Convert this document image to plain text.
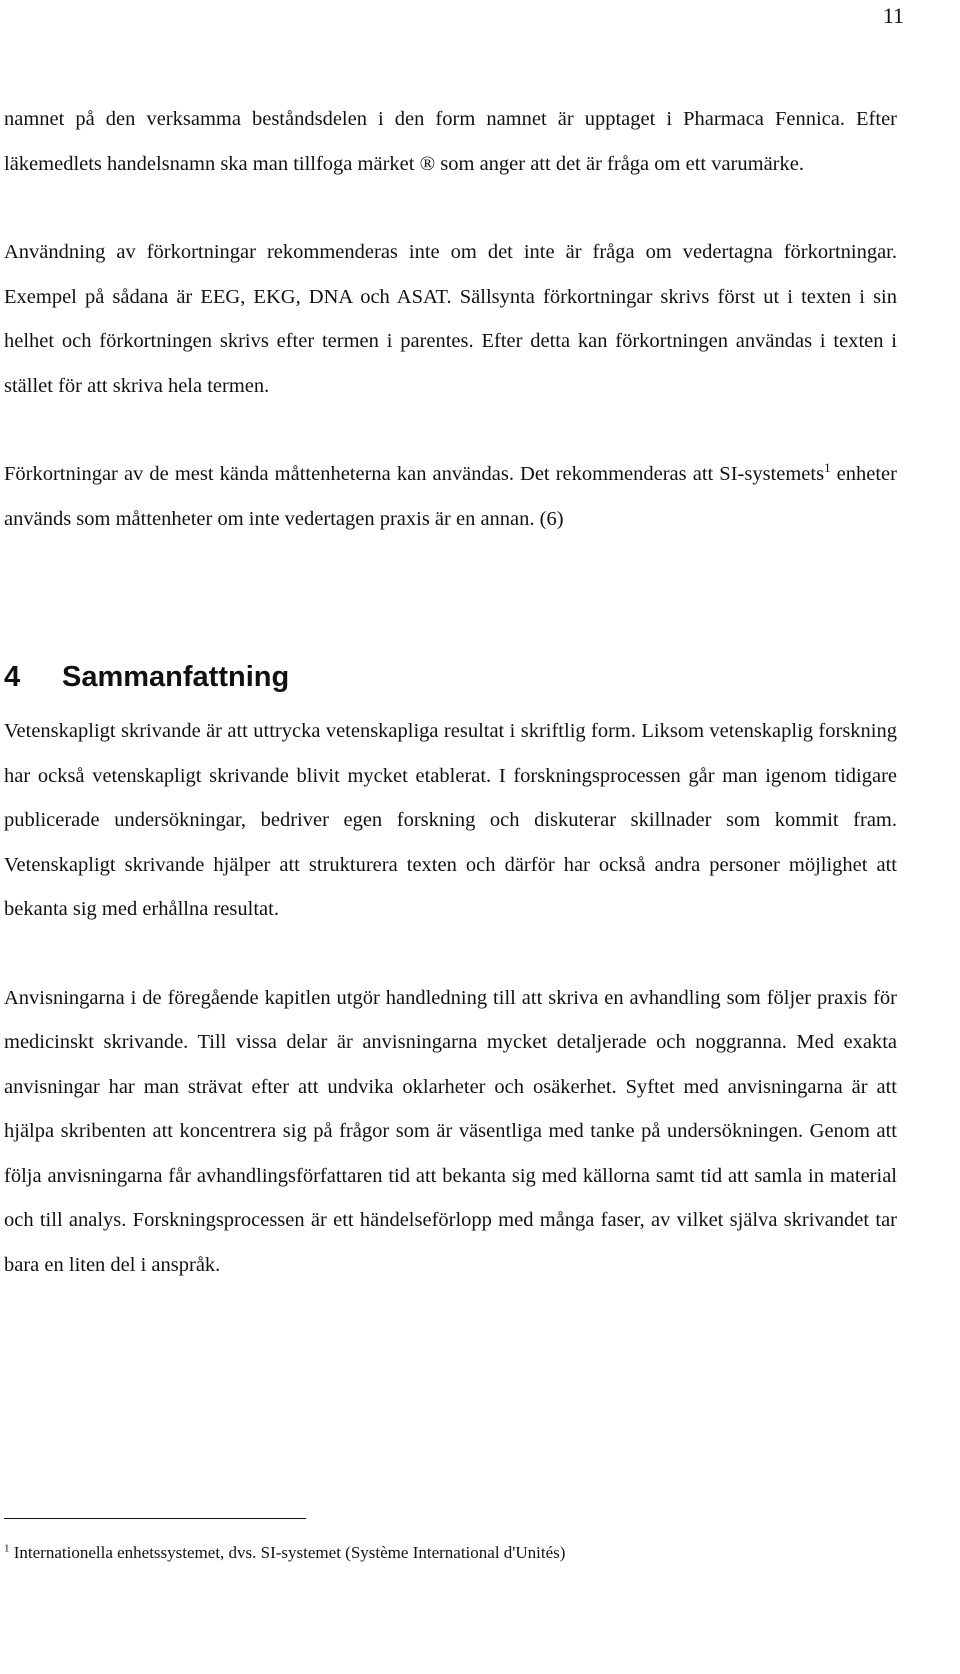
11

namnet på den verksamma beståndsdelen i den form namnet är upptaget i Pharmaca Fennica. Efter läkemedlets handelsnamn ska man tillfoga märket ® som anger att det är fråga om ett varumärke.

Användning av förkortningar rekommenderas inte om det inte är fråga om vedertagna förkortningar. Exempel på sådana är EEG, EKG, DNA och ASAT. Sällsynta förkortningar skrivs först ut i texten i sin helhet och förkortningen skrivs efter termen i parentes. Efter detta kan förkortningen användas i texten i stället för att skriva hela termen.

Förkortningar av de mest kända måttenheterna kan användas. Det rekommenderas att SI-systemets$^1$ enheter används som måttenheter om inte vedertagen praxis är en annan. (6)

4 Sammanfattning

Vetenskapligt skrivande är att uttrycka vetenskapliga resultat i skriftlig form. Liksom vetenskaplig forskning har också vetenskapligt skrivande blivit mycket etablerat. I forskningsprocessen går man igenom tidigare publicerade undersökningar, bedriver egen forskning och diskuterar skillnader som kommit fram. Vetenskapligt skrivande hjälper att strukturera texten och därför har också andra personer möjlighet att bekanta sig med erhållna resultat.

Anvisningarna i de föregående kapitlen utgör handledning till att skriva en avhandling som följer praxis för medicinskt skrivande. Till vissa delar är anvisningarna mycket detaljerade och noggranna. Med exakta anvisningar har man strävat efter att undvika oklarheter och osäkerhet. Syftet med anvisningarna är att hjälpa skribenten att koncentrera sig på frågor som är väsentliga med tanke på undersökningen. Genom att följa anvisningarna får avhandlingsförfattaren tid att bekanta sig med källorna samt tid att samla in material och till analys. Forskningsprocessen är ett händelseförlopp med många faser, av vilket själva skrivandet tar bara en liten del i anspråk.

$^1$ Internationella enhetssystemet, dvs. SI-systemet (Système International d'Unités)
